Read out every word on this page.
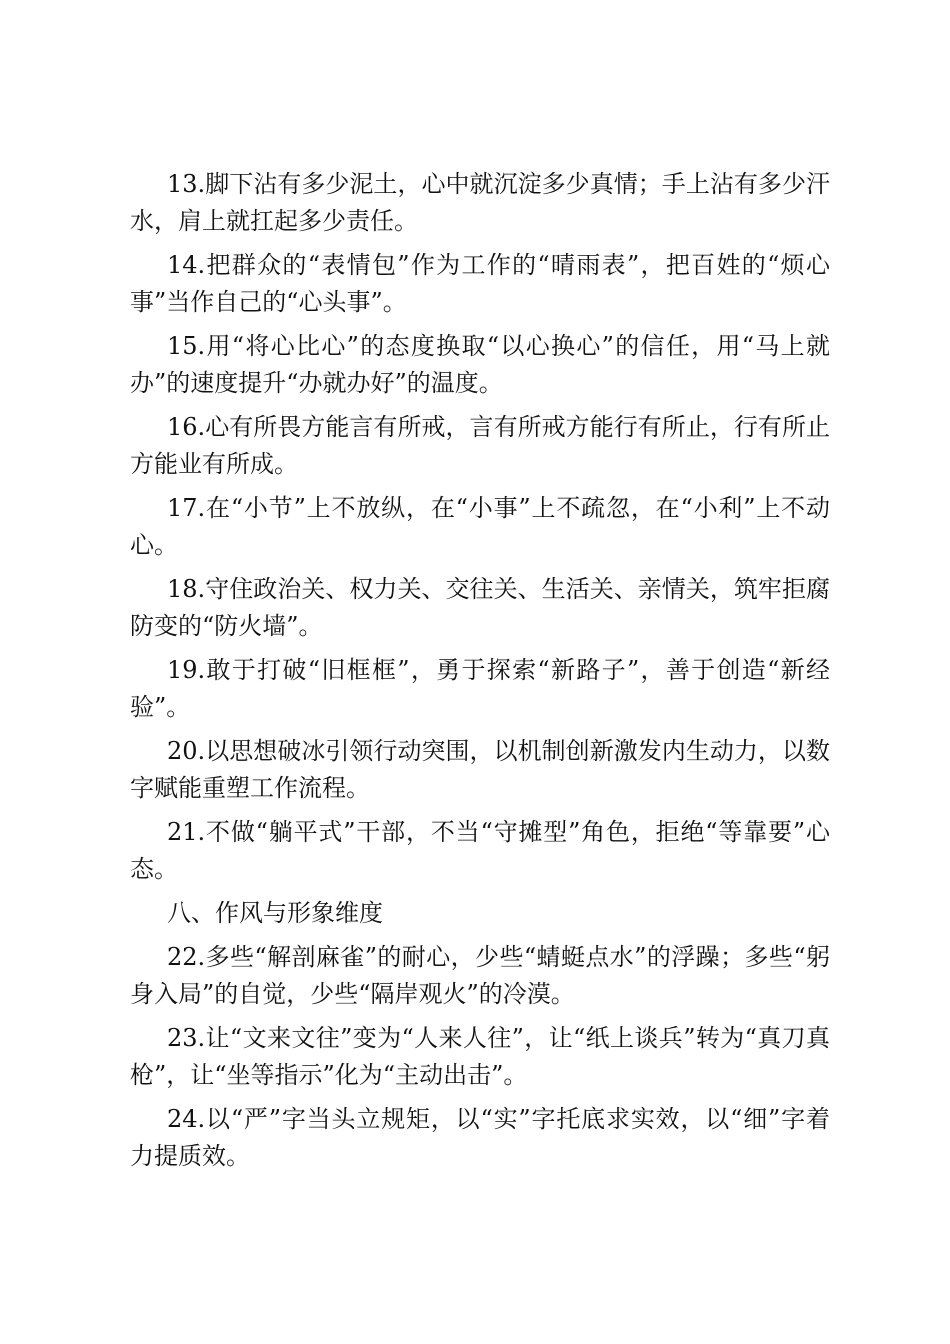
13.脚下沾有多少泥土，心中就沉淀多少真情；手上沾有多少汗水，肩上就扛起多少责任。

14.把群众的“表情包”作为工作的“晴雨表”，把百姓的“烦心事”当作自己的“心头事”。

15.用“将心比心”的态度换取“以心换心”的信任，用“马上就办”的速度提升“办就办好”的温度。

16.心有所畏方能言有所戒，言有所戒方能行有所止，行有所止方能业有所成。

17.在“小节”上不放纵，在“小事”上不疏忽，在“小利”上不动心。

18.守住政治关、权力关、交往关、生活关、亲情关，筑牢拒腐防变的“防火墙”。

19.敢于打破“旧框框”，勇于探索“新路子”，善于创造“新经验”。

20.以思想破冰引领行动突围，以机制创新激发内生动力，以数字赋能重塑工作流程。

21.不做“躺平式”干部，不当“守摊型”角色，拒绝“等靠要”心态。

八、作风与形象维度

22.多些“解剖麻雀”的耐心，少些“蜻蜓点水”的浮躁；多些“躬身入局”的自觉，少些“隔岸观火”的冷漠。

23.让“文来文往”变为“人来人往”，让“纸上谈兵”转为“真刀真枪”，让“坐等指示”化为“主动出击”。

24.以“严”字当头立规矩，以“实”字托底求实效，以“细”字着力提质效。
